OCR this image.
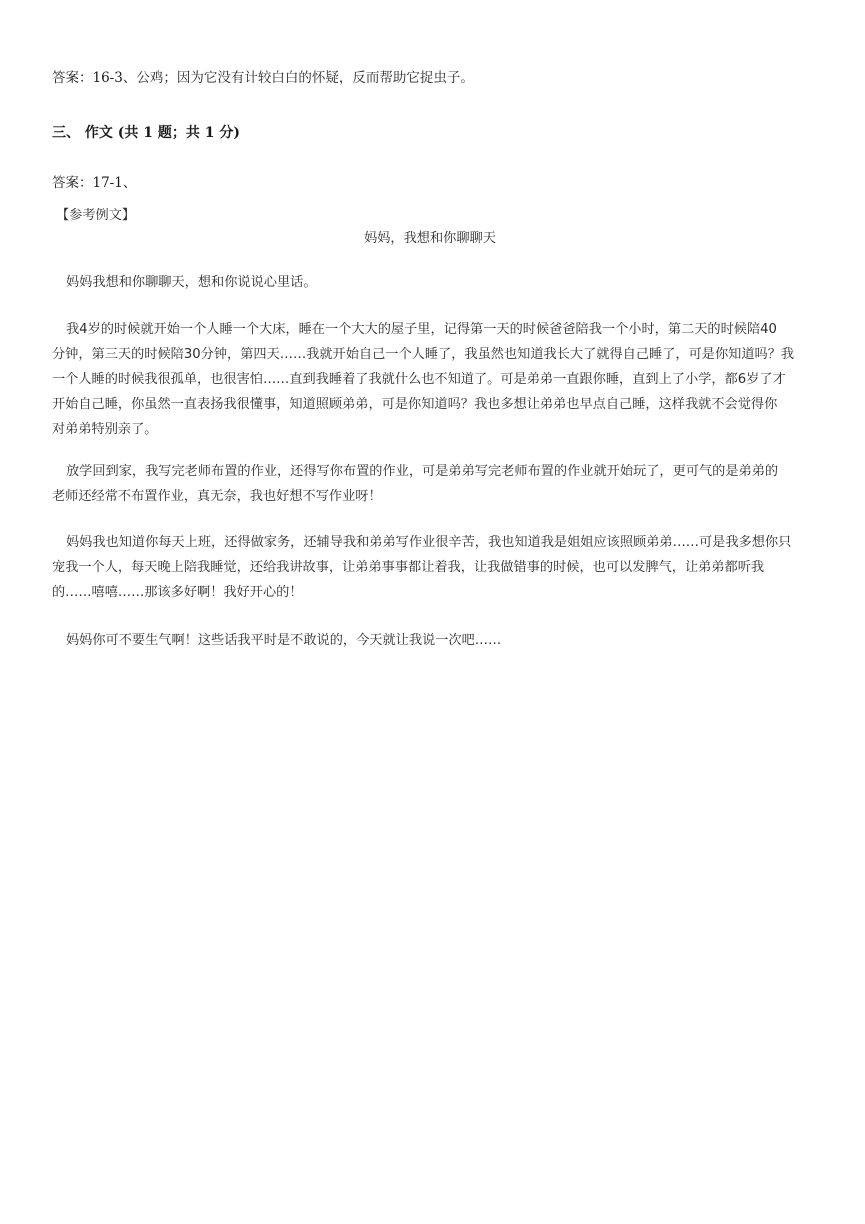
答案：16-3、公鸡；因为它没有计较白白的怀疑，反而帮助它捉虫子。
三、 作文 (共 1 题；共 1 分)
答案：17-1、
【参考例文】
妈妈，我想和你聊聊天
妈妈我想和你聊聊天，想和你说说心里话。
我4岁的时候就开始一个人睡一个大床，睡在一个大大的屋子里，记得第一天的时候爸爸陪我一个小时，第二天的时候陪40
分钟，第三天的时候陪30分钟，第四天……我就开始自己一个人睡了，我虽然也知道我长大了就得自己睡了，可是你知道吗？我
一个人睡的时候我很孤单，也很害怕……直到我睡着了我就什么也不知道了。可是弟弟一直跟你睡，直到上了小学，都6岁了才
开始自己睡，你虽然一直表扬我很懂事，知道照顾弟弟，可是你知道吗？我也多想让弟弟也早点自己睡，这样我就不会觉得你
对弟弟特别亲了。
放学回到家，我写完老师布置的作业，还得写你布置的作业，可是弟弟写完老师布置的作业就开始玩了，更可气的是弟弟的
老师还经常不布置作业，真无奈，我也好想不写作业呀！
妈妈我也知道你每天上班，还得做家务，还辅导我和弟弟写作业很辛苦，我也知道我是姐姐应该照顾弟弟……可是我多想你只
宠我一个人，每天晚上陪我睡觉，还给我讲故事，让弟弟事事都让着我，让我做错事的时候，也可以发脾气，让弟弟都听我
的……嘻嘻……那该多好啊！我好开心的！
妈妈你可不要生气啊！这些话我平时是不敢说的，今天就让我说一次吧……
